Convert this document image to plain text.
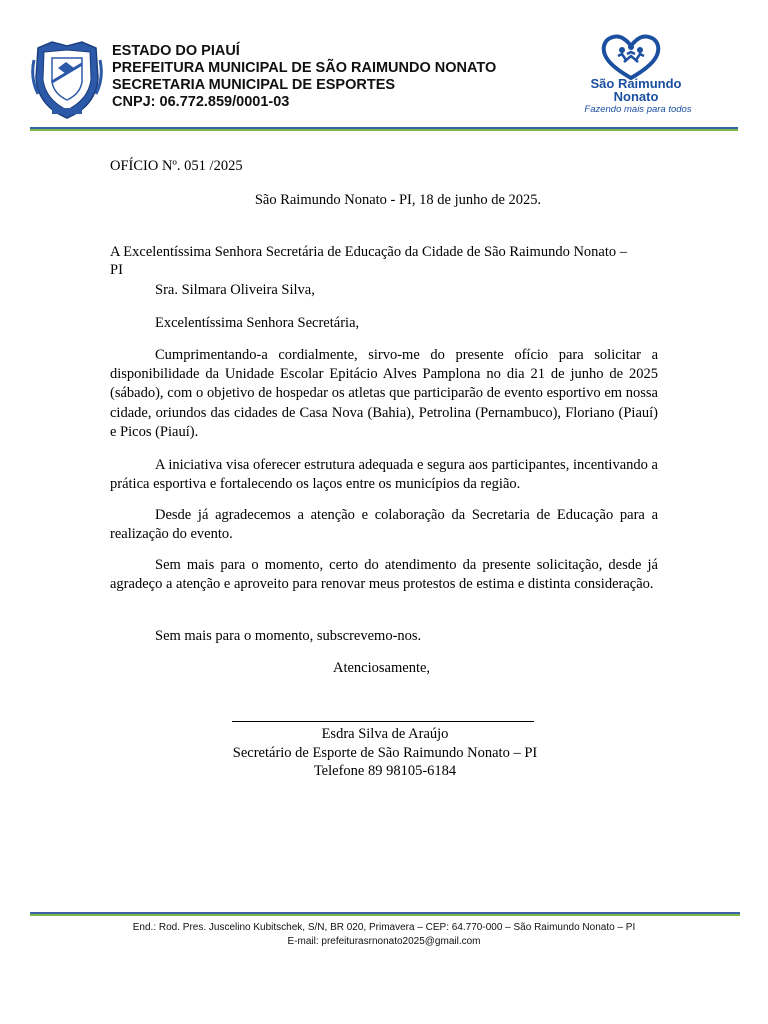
ESTADO DO PIAUÍ
PREFEITURA MUNICIPAL DE SÃO RAIMUNDO NONATO
SECRETARIA MUNICIPAL DE ESPORTES
CNPJ: 06.772.859/0001-03
São Raimundo
Nonato
Fazendo mais para todos
OFÍCIO Nº. 051 /2025
São Raimundo Nonato - PI, 18 de junho de 2025.
A Excelentíssima Senhora Secretária de Educação da Cidade de São Raimundo Nonato –
PI
Sra. Silmara Oliveira Silva,
Excelentíssima Senhora Secretária,
Cumprimentando-a cordialmente, sirvo-me do presente ofício para solicitar a disponibilidade da Unidade Escolar Epitácio Alves Pamplona no dia 21 de junho de 2025 (sábado), com o objetivo de hospedar os atletas que participarão de evento esportivo em nossa cidade, oriundos das cidades de Casa Nova (Bahia), Petrolina (Pernambuco), Floriano (Piauí) e Picos (Piauí).
A iniciativa visa oferecer estrutura adequada e segura aos participantes, incentivando a prática esportiva e fortalecendo os laços entre os municípios da região.
Desde já agradecemos a atenção e colaboração da Secretaria de Educação para a realização do evento.
Sem mais para o momento, certo do atendimento da presente solicitação, desde já agradeço a atenção e aproveito para renovar meus protestos de estima e distinta consideração.
Sem mais para o momento, subscrevemo-nos.
Atenciosamente,
Esdra Silva de Araújo
Secretário de Esporte de São Raimundo Nonato – PI
Telefone 89 98105-6184
End.: Rod. Pres. Juscelino Kubitschek, S/N, BR 020, Primavera – CEP: 64.770-000 – São Raimundo Nonato – PI
E-mail: prefeiturasrnonato2025@gmail.com
